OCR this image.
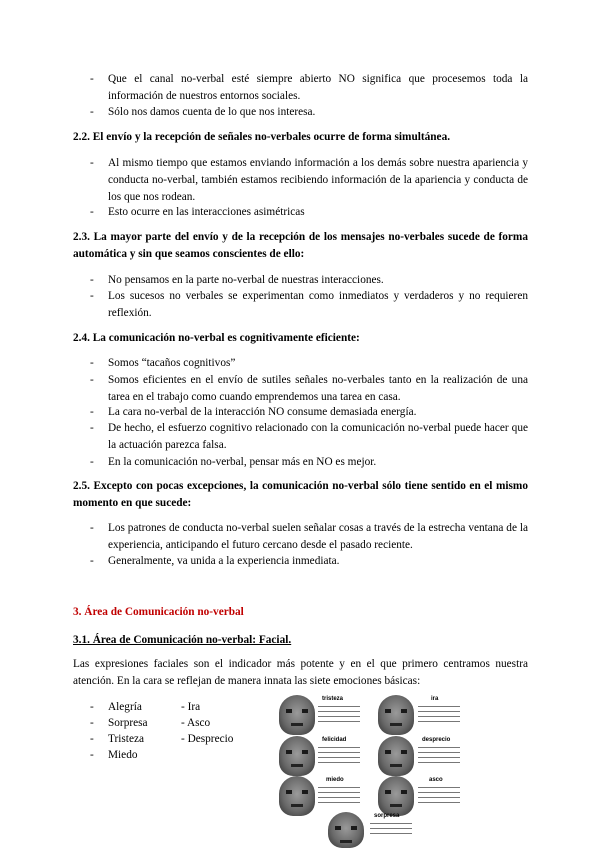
- Que el canal no-verbal esté siempre abierto NO significa que procesemos toda la información de nuestros entornos sociales.
- Sólo nos damos cuenta de lo que nos interesa.
2.2. El envío y la recepción de señales no-verbales ocurre de forma simultánea.
- Al mismo tiempo que estamos enviando información a los demás sobre nuestra apariencia y conducta no-verbal, también estamos recibiendo información de la apariencia y conducta de los que nos rodean.
- Esto ocurre en las interacciones asimétricas
2.3. La mayor parte del envío y de la recepción de los mensajes no-verbales sucede de forma automática y sin que seamos conscientes de ello:
- No pensamos en la parte no-verbal de nuestras interacciones.
- Los sucesos no verbales se experimentan como inmediatos y verdaderos y no requieren reflexión.
2.4. La comunicación no-verbal es cognitivamente eficiente:
- Somos “tacaños cognitivos”
- Somos eficientes en el envío de sutiles señales no-verbales tanto en la realización de una tarea en el trabajo como cuando emprendemos una tarea en casa.
- La cara no-verbal de la interacción NO consume demasiada energía.
- De hecho, el esfuerzo cognitivo relacionado con la comunicación no-verbal puede hacer que la actuación parezca falsa.
- En la comunicación no-verbal, pensar más en NO es mejor.
2.5. Excepto con pocas excepciones, la comunicación no-verbal sólo tiene sentido en el mismo momento en que sucede:
- Los patrones de conducta no-verbal suelen señalar cosas a través de la estrecha ventana de la experiencia, anticipando el futuro cercano desde el pasado reciente.
- Generalmente, va unida a la experiencia inmediata.
3. Área de Comunicación no-verbal
3.1. Área de Comunicación no-verbal: Facial.
Las expresiones faciales son el indicador más potente y en el que primero centramos nuestra atención. En la cara se reflejan de manera innata las siete emociones básicas:
- Alegría
- Sorpresa
- Tristeza
- Miedo
- Ira
- Asco
- Desprecio
tristeza	ira
felicidad	desprecio
miedo	asco
sorpresa
